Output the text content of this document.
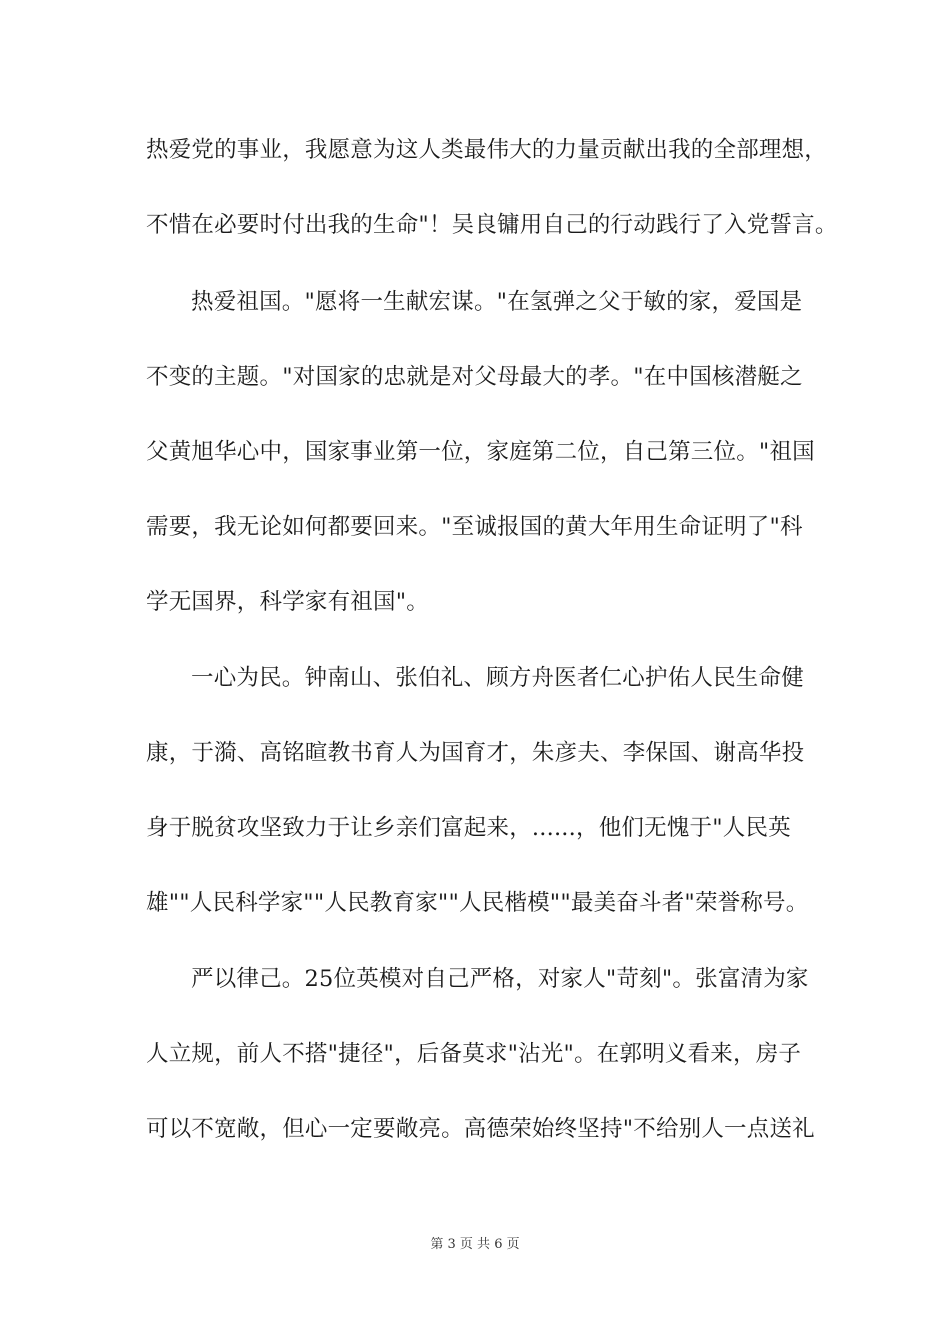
热爱党的事业，我愿意为这人类最伟大的力量贡献出我的全部理想，
不惜在必要时付出我的生命"！吴良镛用自己的行动践行了入党誓言。
热爱祖国。"愿将一生献宏谋。"在氢弹之父于敏的家，爱国是
不变的主题。"对国家的忠就是对父母最大的孝。"在中国核潜艇之
父黄旭华心中，国家事业第一位，家庭第二位，自己第三位。"祖国
需要，我无论如何都要回来。"至诚报国的黄大年用生命证明了"科
学无国界，科学家有祖国"。
一心为民。钟南山、张伯礼、顾方舟医者仁心护佑人民生命健
康，于漪、高铭暄教书育人为国育才，朱彦夫、李保国、谢高华投
身于脱贫攻坚致力于让乡亲们富起来，......，他们无愧于"人民英
雄""人民科学家""人民教育家""人民楷模""最美奋斗者"荣誉称号。
严以律己。25位英模对自己严格，对家人"苛刻"。张富清为家
人立规，前人不搭"捷径"，后备莫求"沾光"。在郭明义看来，房子
可以不宽敞，但心一定要敞亮。高德荣始终坚持"不给别人一点送礼
第 3 页 共 6 页
